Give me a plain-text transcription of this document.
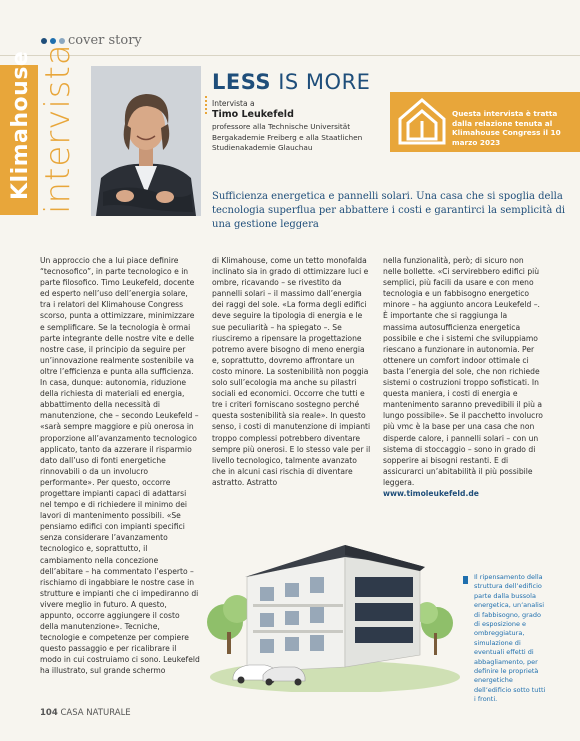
cover story
Klimahouse intervista	LESS IS MORE
Intervista a
Timo Leukefeld
professore alla Technische Universität Bergakademie Freiberg e alla Staatlichen Studienakademie Glauchau
Questa intervista è tratta dalla relazione tenuta al Klimahouse Congress il 10 marzo 2023
Sufficienza energetica e pannelli solari. Una casa che si spoglia della tecnologia superflua per abbattere i costi e garantirci la semplicità di una gestione leggera

Un approccio che a lui piace definire “tecnosofico”, in parte tecnologico e in parte filosofico. Timo Leukefeld, docente ed esperto nell’uso dell’energia solare, tra i relatori del Klimahouse Congress scorso, punta a ottimizzare, minimizzare e semplificare. Se la tecnologia è ormai parte integrante delle nostre vite e delle nostre case, il principio da seguire per un’innovazione realmente sostenibile va oltre l’efficienza e punta alla sufficienza. In casa, dunque: autonomia, riduzione della richiesta di materiali ed energia, abbattimento della necessità di manutenzione, che – secondo Leukefeld – «sarà sempre maggiore e più onerosa in proporzione all’avanzamento tecnologico applicato, tanto da azzerare il risparmio dato dall’uso di fonti energetiche rinnovabili o da un involucro performante». Per questo, occorre progettare impianti capaci di adattarsi nel tempo e di richiedere il minimo dei lavori di mantenimento possibili. «Se pensiamo edifici con impianti specifici senza considerare l’avanzamento tecnologico e, soprattutto, il cambiamento nella concezione dell’abitare – ha commentato l’esperto – rischiamo di ingabbiare le nostre case in strutture e impianti che ci impediranno di vivere meglio in futuro. A questo, appunto, occorre aggiungere il costo della manutenzione». Tecniche, tecnologie e competenze per compiere questo passaggio e per ricalibrare il modo in cui costruiamo ci sono. Leukefeld ha illustrato, sul grande schermo

di Klimahouse, come un tetto monofalda inclinato sia in grado di ottimizzare luci e ombre, ricavando – se rivestito da pannelli solari – il massimo dall’energia dei raggi del sole. «La forma degli edifici deve seguire la tipologia di energia e le sue peculiarità – ha spiegato –. Se riusciremo a ripensare la progettazione potremo avere bisogno di meno energia e, soprattutto, dovremo affrontare un costo minore. La sostenibilità non poggia solo sull’ecologia ma anche su pilastri sociali ed economici. Occorre che tutti e tre i criteri forniscano sostegno perché questa sostenibilità sia reale». In questo senso, i costi di manutenzione di impianti troppo complessi potrebbero diventare sempre più onerosi. E lo stesso vale per il livello tecnologico, talmente avanzato che in alcuni casi rischia di diventare astratto. Astratto

nella funzionalità, però; di sicuro non nelle bollette. «Ci servirebbero edifici più semplici, più facili da usare e con meno tecnologia e un fabbisogno energetico minore – ha aggiunto ancora Leukefeld –. È importante che si raggiunga la massima autosufficienza energetica possibile e che i sistemi che sviluppiamo riescano a funzionare in autonomia. Per ottenere un comfort indoor ottimale ci basta l’energia del sole, che non richiede sistemi o costruzioni troppo sofisticati. In questa maniera, i costi di energia e mantenimento saranno prevedibili il più a lungo possibile». Se il pacchetto involucro più vmc è la base per una casa che non disperde calore, i pannelli solari – con un sistema di stoccaggio – sono in grado di sopperire ai bisogni restanti. E di assicurarci un’abitabilità il più possibile leggera.

www.timoleukefeld.de

Il ripensamento della struttura dell’edificio parte dalla bussola energetica, un’analisi di fabbisogno, grado di esposizione e ombreggiatura, simulazione di eventuali effetti di abbagliamento, per definire le proprietà energetiche dell’edificio sotto tutti i fronti.
104 CASA NATURALE
